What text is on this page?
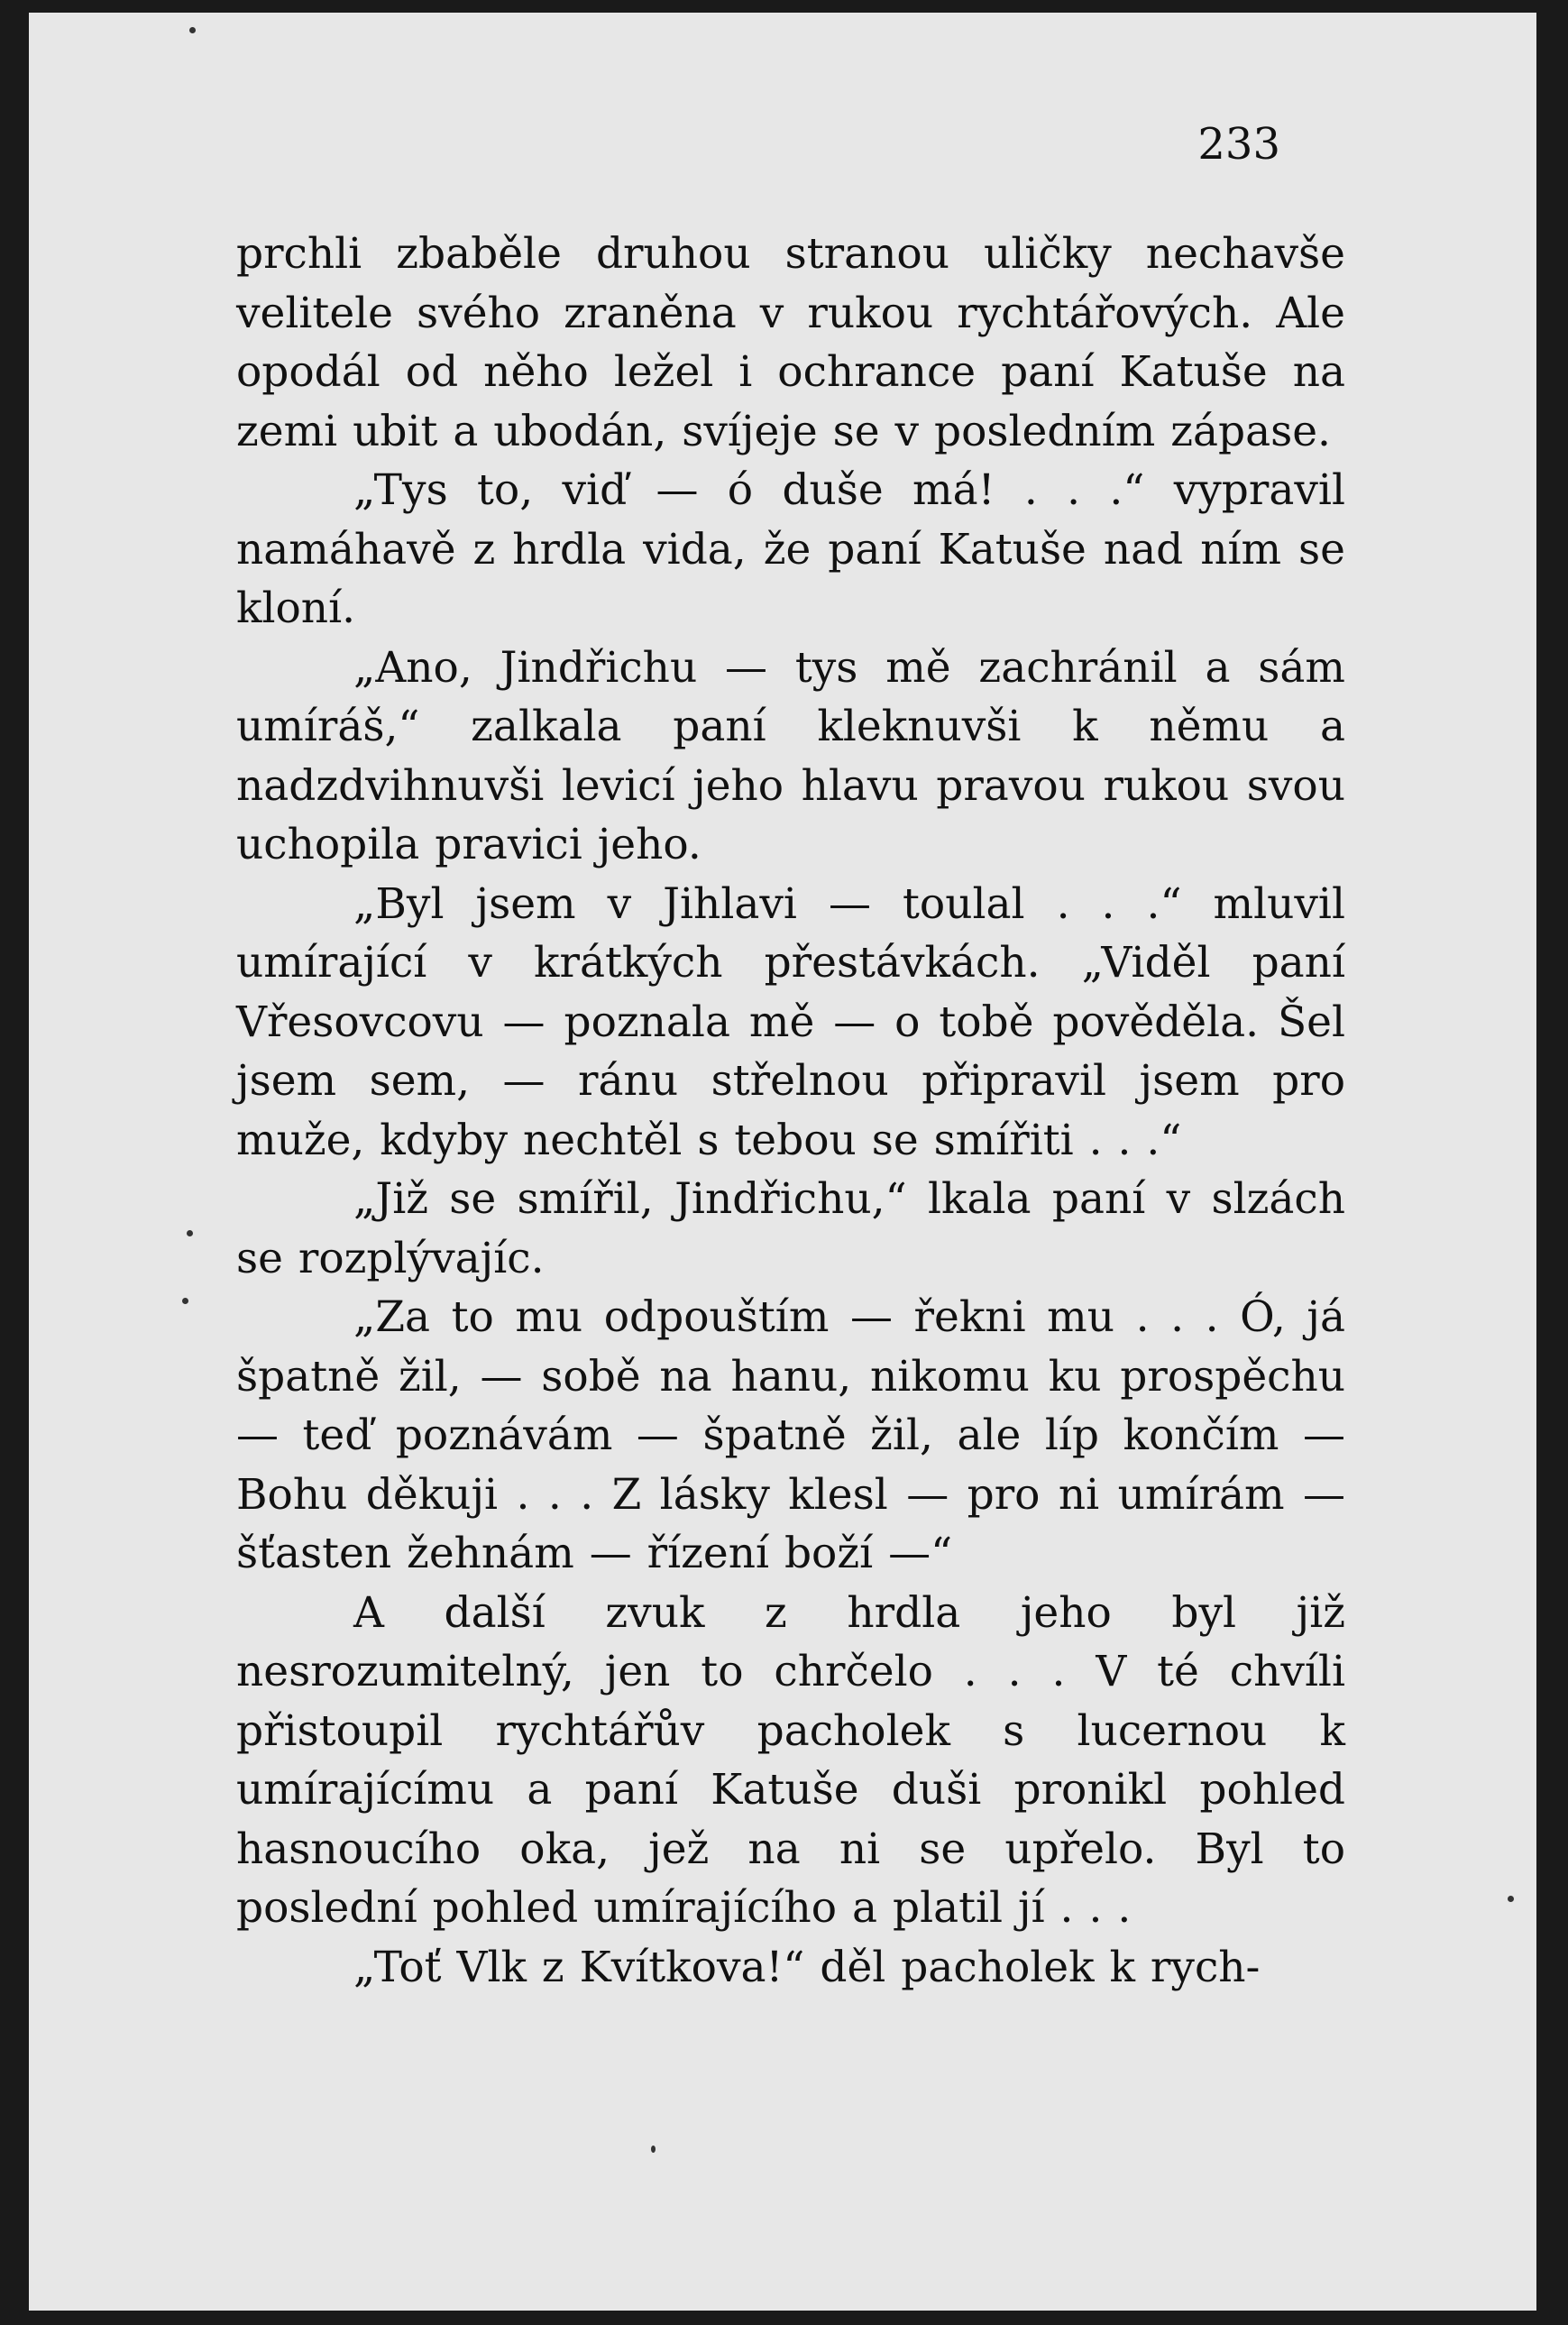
233

prchli zbaběle druhou stranou uličky nechavše velitele svého zraněna v rukou rychtářových. Ale opodál od něho ležel i ochrance paní Katuše na zemi ubit a ubodán, svíjeje se v posledním zápase.

„Tys to, viď — ó duše má! . . .“ vypravil namáhavě z hrdla vida, že paní Katuše nad ním se kloní.

„Ano, Jindřichu — tys mě zachránil a sám umíráš,“ zalkala paní kleknuvši k němu a nadzdvihnuvši levicí jeho hlavu pravou rukou svou uchopila pravici jeho.

„Byl jsem v Jihlavi — toulal . . .“ mluvil umírající v krátkých přestávkách. „Viděl paní Vřesovcovu — poznala mě — o tobě pověděla. Šel jsem sem, — ránu střelnou připravil jsem pro muže, kdyby nechtěl s tebou se smířiti . . .“

„Již se smířil, Jindřichu,“ lkala paní v slzách se rozplývajíc.

„Za to mu odpouštím — řekni mu . . . Ó, já špatně žil, — sobě na hanu, nikomu ku prospěchu — teď poznávám — špatně žil, ale líp končím — Bohu děkuji . . . Z lásky klesl — pro ni umírám — šťasten žehnám — řízení boží —“

A další zvuk z hrdla jeho byl již nesrozumitelný, jen to chrčelo . . . V té chvíli přistoupil rychtářův pacholek s lucernou k umírajícímu a paní Katuše duši pronikl pohled hasnoucího oka, jež na ni se upřelo. Byl to poslední pohled umírajícího a platil jí . . .

„Toť Vlk z Kvítkova!“ děl pacholek k rych-
